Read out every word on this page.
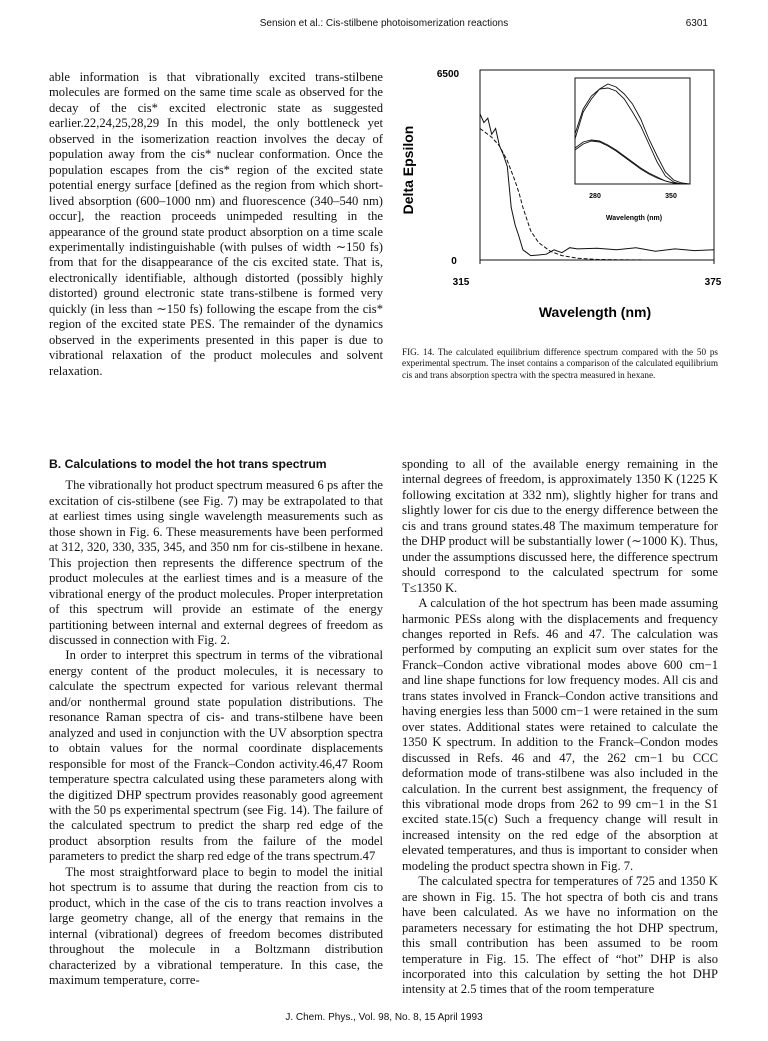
Sension et al.: Cis-stilbene photoisomerization reactions	6301

able information is that vibrationally excited trans-stilbene molecules are formed on the same time scale as observed for the decay of the cis* excited electronic state as suggested earlier.22,24,25,28,29 In this model, the only bottleneck yet observed in the isomerization reaction involves the decay of population away from the cis* nuclear conformation. Once the population escapes from the cis* region of the excited state potential energy surface [defined as the region from which short-lived absorption (600–1000 nm) and fluorescence (340–540 nm) occur], the reaction proceeds unimpeded resulting in the appearance of the ground state product absorption on a time scale experimentally indistinguishable (with pulses of width ∼150 fs) from that for the disappearance of the cis excited state. That is, electronically identifiable, although distorted (possibly highly distorted) ground electronic state trans-stilbene is formed very quickly (in less than ∼150 fs) following the escape from the cis* region of the excited state PES. The remainder of the dynamics observed in the experiments presented in this paper is due to vibrational relaxation of the product molecules and solvent relaxation.

Delta Epsilon
Wavelength (nm)
6500
0
315	375
280	350
Wavelength (nm)
FIG. 14. The calculated equilibrium difference spectrum compared with the 50 ps experimental spectrum. The inset contains a comparison of the calculated equilibrium cis and trans absorption spectra with the spectra measured in hexane.
B. Calculations to model the hot trans spectrum

The vibrationally hot product spectrum measured 6 ps after the excitation of cis-stilbene (see Fig. 7) may be extrapolated to that at earliest times using single wavelength measurements such as those shown in Fig. 6. These measurements have been performed at 312, 320, 330, 335, 345, and 350 nm for cis-stilbene in hexane. This projection then represents the difference spectrum of the product molecules at the earliest times and is a measure of the vibrational energy of the product molecules. Proper interpretation of this spectrum will provide an estimate of the energy partitioning between internal and external degrees of freedom as discussed in connection with Fig. 2.

In order to interpret this spectrum in terms of the vibrational energy content of the product molecules, it is necessary to calculate the spectrum expected for various relevant thermal and/or nonthermal ground state population distributions. The resonance Raman spectra of cis- and trans-stilbene have been analyzed and used in conjunction with the UV absorption spectra to obtain values for the normal coordinate displacements responsible for most of the Franck–Condon activity.46,47 Room temperature spectra calculated using these parameters along with the digitized DHP spectrum provides reasonably good agreement with the 50 ps experimental spectrum (see Fig. 14). The failure of the calculated spectrum to predict the sharp red edge of the product absorption results from the failure of the model parameters to predict the sharp red edge of the trans spectrum.47

The most straightforward place to begin to model the initial hot spectrum is to assume that during the reaction from cis to product, which in the case of the cis to trans reaction involves a large geometry change, all of the energy that remains in the internal (vibrational) degrees of freedom becomes distributed throughout the molecule in a Boltzmann distribution characterized by a vibrational temperature. In this case, the maximum temperature, corre-

sponding to all of the available energy remaining in the internal degrees of freedom, is approximately 1350 K (1225 K following excitation at 332 nm), slightly higher for trans and slightly lower for cis due to the energy difference between the cis and trans ground states.48 The maximum temperature for the DHP product will be substantially lower (∼1000 K). Thus, under the assumptions discussed here, the difference spectrum should correspond to the calculated spectrum for some T≤1350 K.

A calculation of the hot spectrum has been made assuming harmonic PESs along with the displacements and frequency changes reported in Refs. 46 and 47. The calculation was performed by computing an explicit sum over states for the Franck–Condon active vibrational modes above 600 cm−1 and line shape functions for low frequency modes. All cis and trans states involved in Franck–Condon active transitions and having energies less than 5000 cm−1 were retained in the sum over states. Additional states were retained to calculate the 1350 K spectrum. In addition to the Franck–Condon modes discussed in Refs. 46 and 47, the 262 cm−1 bu CCC deformation mode of trans-stilbene was also included in the calculation. In the current best assignment, the frequency of this vibrational mode drops from 262 to 99 cm−1 in the S1 excited state.15(c) Such a frequency change will result in increased intensity on the red edge of the absorption at elevated temperatures, and thus is important to consider when modeling the product spectra shown in Fig. 7.

The calculated spectra for temperatures of 725 and 1350 K are shown in Fig. 15. The hot spectra of both cis and trans have been calculated. As we have no information on the parameters necessary for estimating the hot DHP spectrum, this small contribution has been assumed to be room temperature in Fig. 15. The effect of “hot” DHP is also incorporated into this calculation by setting the hot DHP intensity at 2.5 times that of the room temperature

J. Chem. Phys., Vol. 98, No. 8, 15 April 1993
